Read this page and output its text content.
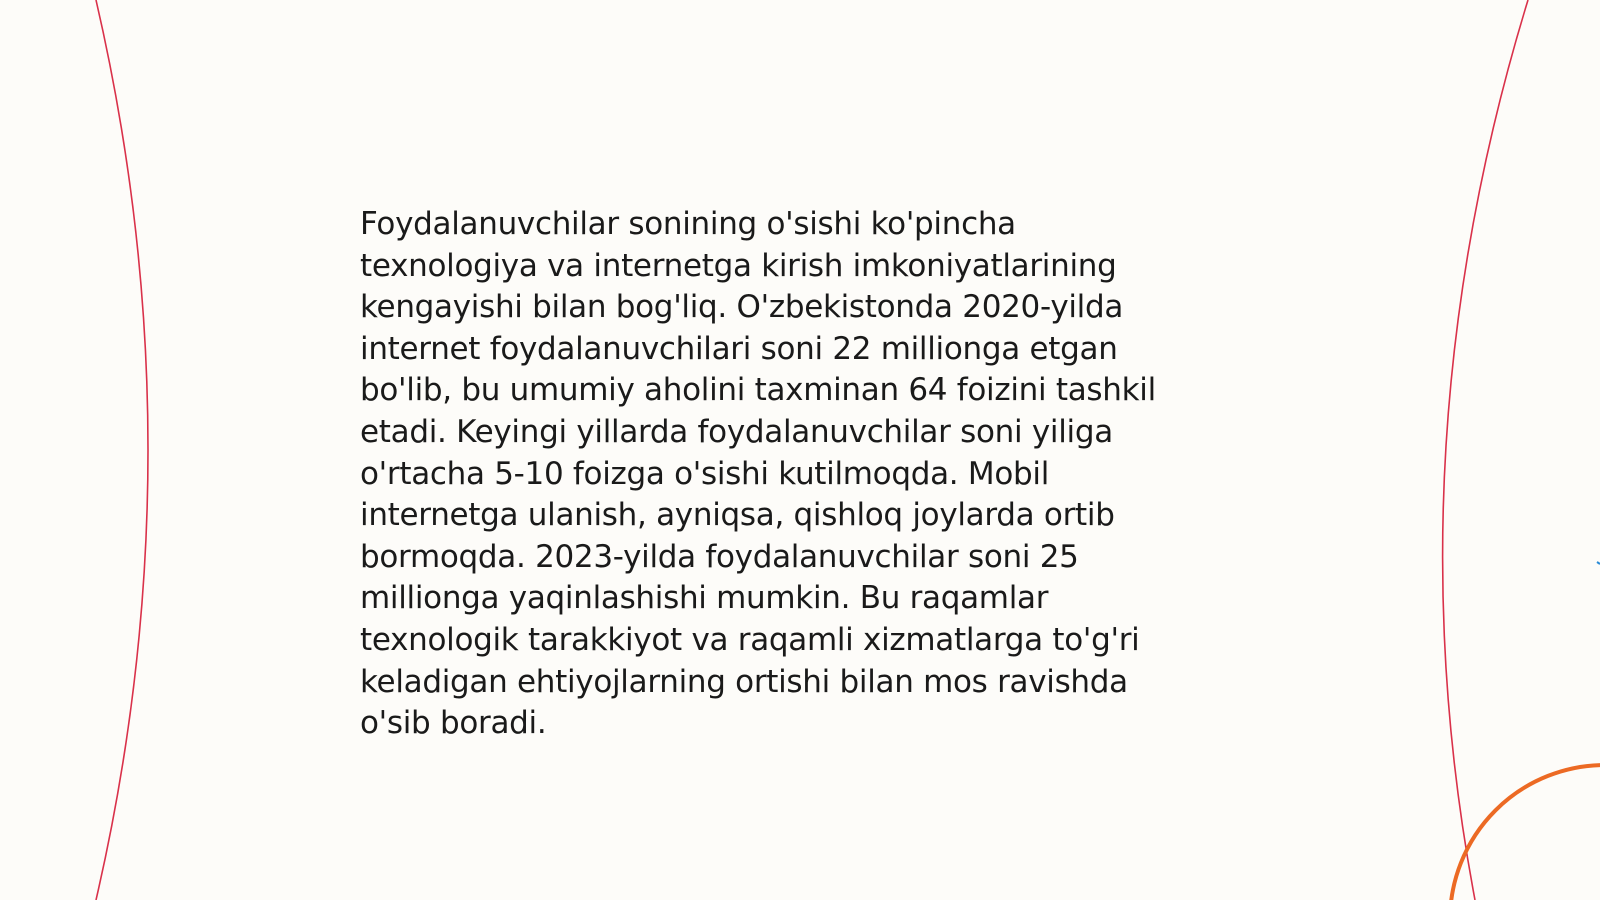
Foydalanuvchilar sonining o'sishi ko'pincha
texnologiya va internetga kirish imkoniyatlarining
kengayishi bilan bog'liq. O'zbekistonda 2020-yilda
internet foydalanuvchilari soni 22 millionga etgan
bo'lib, bu umumiy aholini taxminan 64 foizini tashkil
etadi. Keyingi yillarda foydalanuvchilar soni yiliga
o'rtacha 5-10 foizga o'sishi kutilmoqda. Mobil
internetga ulanish, ayniqsa, qishloq joylarda ortib
bormoqda. 2023-yilda foydalanuvchilar soni 25
millionga yaqinlashishi mumkin. Bu raqamlar
texnologik tarakkiyot va raqamli xizmatlarga to'g'ri
keladigan ehtiyojlarning ortishi bilan mos ravishda
o'sib boradi.
